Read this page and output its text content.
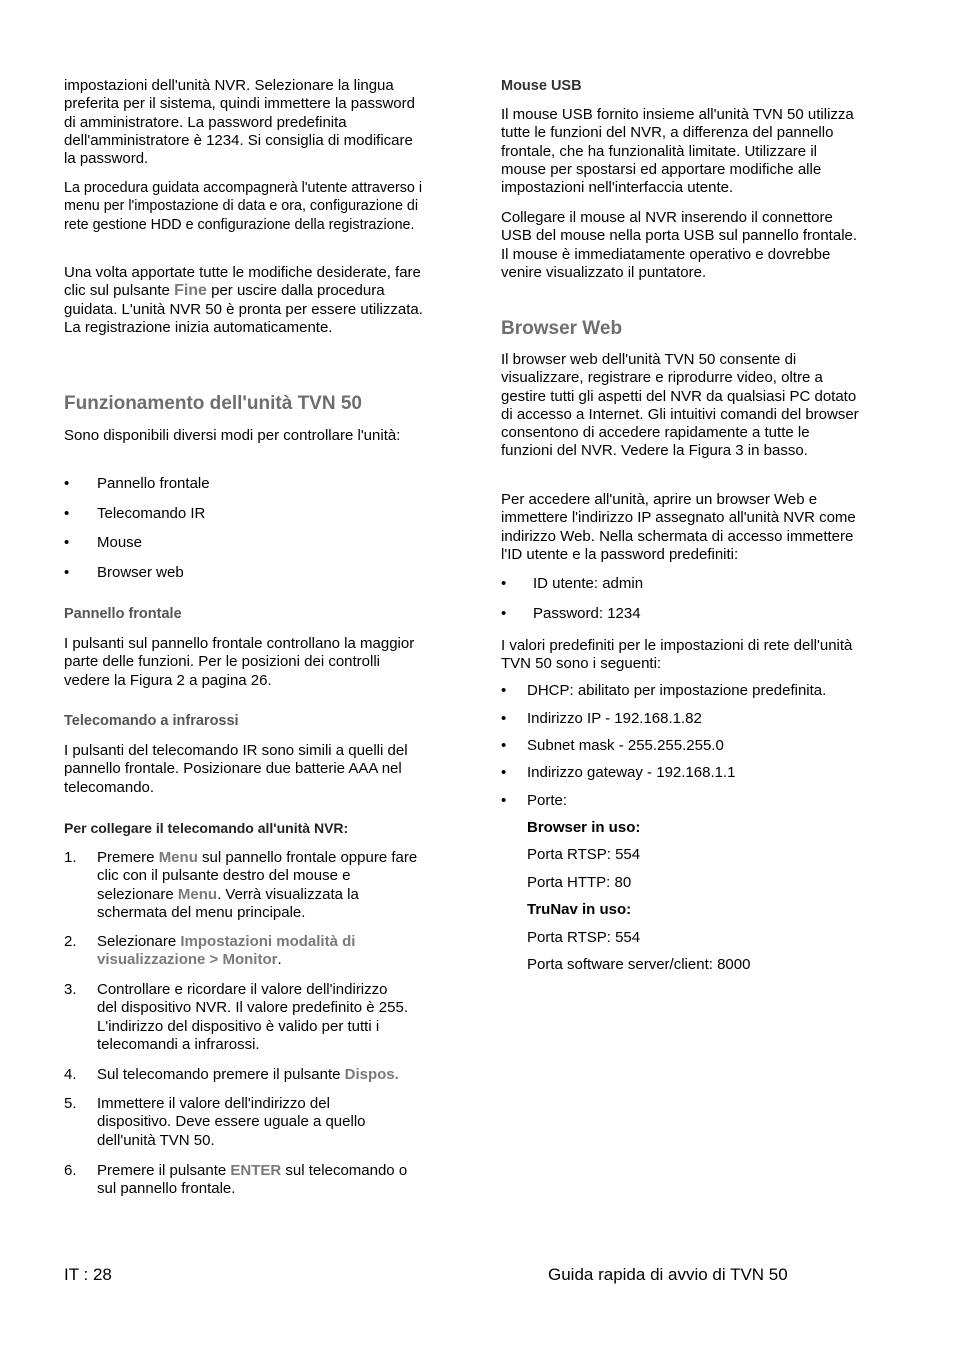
impostazioni dell'unità NVR. Selezionare la lingua preferita per il sistema, quindi immettere la password di amministratore. La password predefinita dell'amministratore è 1234. Si consiglia di modificare la password.

La procedura guidata accompagnerà l'utente attraverso i menu per l'impostazione di data e ora, configurazione di rete gestione HDD e configurazione della registrazione.

Una volta apportate tutte le modifiche desiderate, fare clic sul pulsante Fine per uscire dalla procedura guidata. L'unità NVR 50 è pronta per essere utilizzata. La registrazione inizia automaticamente.

Funzionamento dell'unità TVN 50

Sono disponibili diversi modi per controllare l'unità:

• Pannello frontale
• Telecomando IR
• Mouse
• Browser web
Pannello frontale

I pulsanti sul pannello frontale controllano la maggior parte delle funzioni. Per le posizioni dei controlli vedere la Figura 2 a pagina 26.

Telecomando a infrarossi

I pulsanti del telecomando IR sono simili a quelli del pannello frontale. Posizionare due batterie AAA nel telecomando.

Per collegare il telecomando all'unità NVR:
1. Premere Menu sul pannello frontale oppure fare clic con il pulsante destro del mouse e selezionare Menu. Verrà visualizzata la schermata del menu principale.
2. Selezionare Impostazioni modalità di visualizzazione > Monitor.
3. Controllare e ricordare il valore dell'indirizzo del dispositivo NVR. Il valore predefinito è 255. L'indirizzo del dispositivo è valido per tutti i telecomandi a infrarossi.
4. Sul telecomando premere il pulsante Dispos.
5. Immettere il valore dell'indirizzo del dispositivo. Deve essere uguale a quello dell'unità TVN 50.
6. Premere il pulsante ENTER sul telecomando o sul pannello frontale.
Mouse USB

Il mouse USB fornito insieme all'unità TVN 50 utilizza tutte le funzioni del NVR, a differenza del pannello frontale, che ha funzionalità limitate. Utilizzare il mouse per spostarsi ed apportare modifiche alle impostazioni nell'interfaccia utente.

Collegare il mouse al NVR inserendo il connettore USB del mouse nella porta USB sul pannello frontale. Il mouse è immediatamente operativo e dovrebbe venire visualizzato il puntatore.

Browser Web

Il browser web dell'unità TVN 50 consente di visualizzare, registrare e riprodurre video, oltre a gestire tutti gli aspetti del NVR da qualsiasi PC dotato di accesso a Internet. Gli intuitivi comandi del browser consentono di accedere rapidamente a tutte le funzioni del NVR. Vedere la Figura 3 in basso.

Per accedere all'unità, aprire un browser Web e immettere l'indirizzo IP assegnato all'unità NVR come indirizzo Web. Nella schermata di accesso immettere l'ID utente e la password predefiniti:

• ID utente: admin
• Password: 1234

I valori predefiniti per le impostazioni di rete dell'unità TVN 50 sono i seguenti:

• DHCP: abilitato per impostazione predefinita.
• Indirizzo IP - 192.168.1.82
• Subnet mask - 255.255.255.0
• Indirizzo gateway - 192.168.1.1
• Porte:

Browser in uso:

Porta RTSP: 554

Porta HTTP: 80

TruNav in uso:

Porta RTSP: 554

Porta software server/client: 8000

IT : 28	Guida rapida di avvio di TVN 50
